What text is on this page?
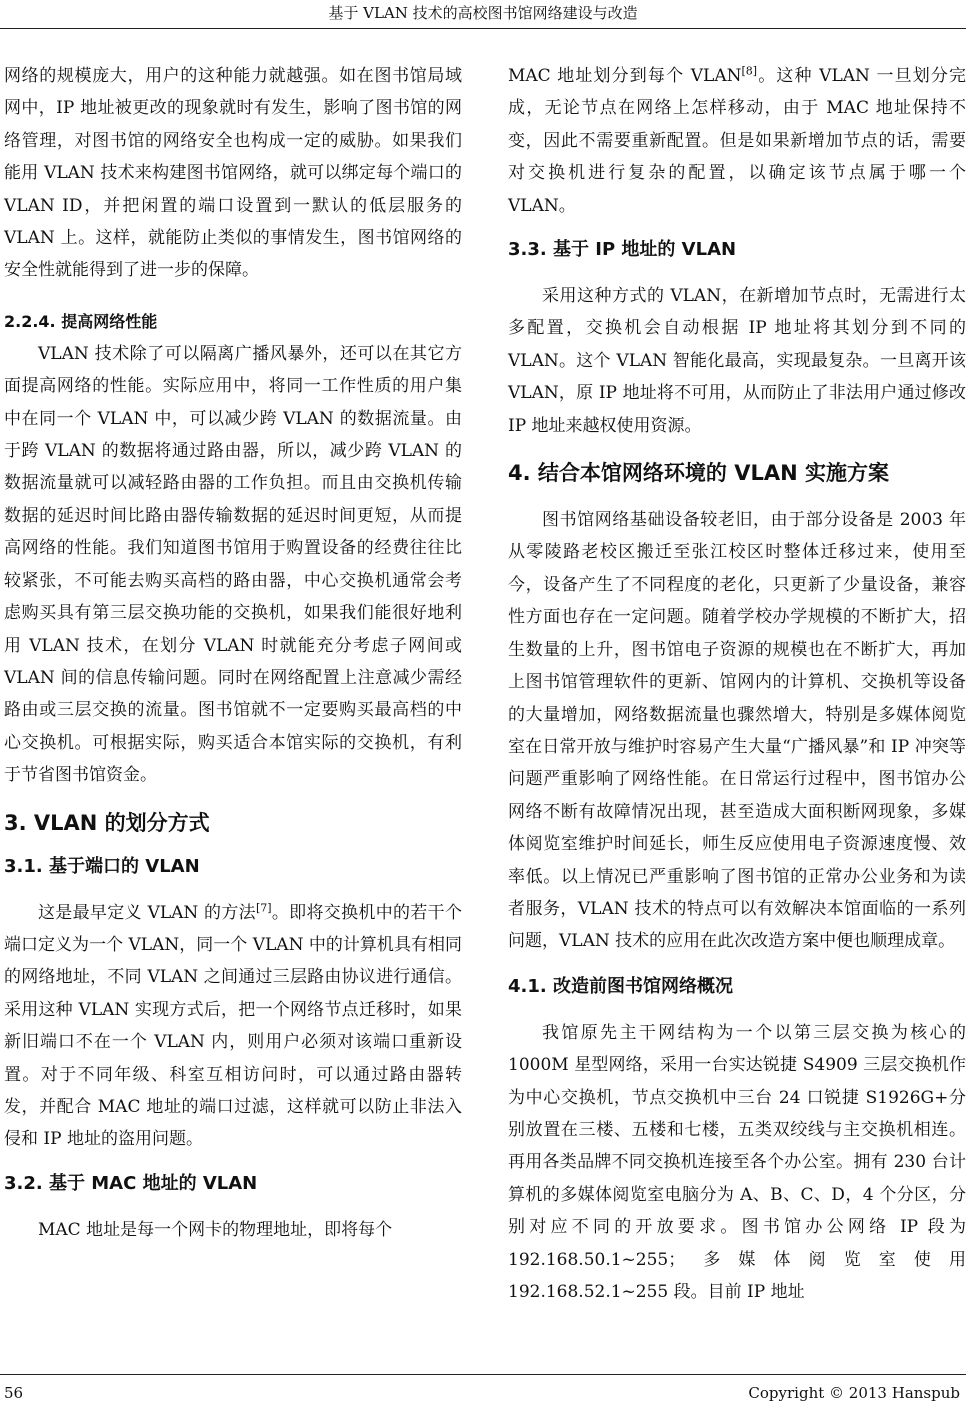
基于 VLAN 技术的高校图书馆网络建设与改造

网络的规模庞大，用户的这种能力就越强。如在图书馆局域网中，IP 地址被更改的现象就时有发生，影响了图书馆的网络管理，对图书馆的网络安全也构成一定的威胁。如果我们能用 VLAN 技术来构建图书馆网络，就可以绑定每个端口的 VLAN ID，并把闲置的端口设置到一默认的低层服务的 VLAN 上。这样，就能防止类似的事情发生，图书馆网络的安全性就能得到了进一步的保障。

2.2.4. 提高网络性能

VLAN 技术除了可以隔离广播风暴外，还可以在其它方面提高网络的性能。实际应用中，将同一工作性质的用户集中在同一个 VLAN 中，可以减少跨 VLAN 的数据流量。由于跨 VLAN 的数据将通过路由器，所以，减少跨 VLAN 的数据流量就可以减轻路由器的工作负担。而且由交换机传输数据的延迟时间比路由器传输数据的延迟时间更短，从而提高网络的性能。我们知道图书馆用于购置设备的经费往往比较紧张，不可能去购买高档的路由器，中心交换机通常会考虑购买具有第三层交换功能的交换机，如果我们能很好地利用 VLAN 技术，在划分 VLAN 时就能充分考虑子网间或 VLAN 间的信息传输问题。同时在网络配置上注意减少需经路由或三层交换的流量。图书馆就不一定要购买最高档的中心交换机。可根据实际，购买适合本馆实际的交换机，有利于节省图书馆资金。

3. VLAN 的划分方式
3.1. 基于端口的 VLAN

这是最早定义 VLAN 的方法[7]。即将交换机中的若干个端口定义为一个 VLAN，同一个 VLAN 中的计算机具有相同的网络地址，不同 VLAN 之间通过三层路由协议进行通信。采用这种 VLAN 实现方式后，把一个网络节点迁移时，如果新旧端口不在一个 VLAN 内，则用户必须对该端口重新设置。对于不同年级、科室互相访问时，可以通过路由器转发，并配合 MAC 地址的端口过滤，这样就可以防止非法入侵和 IP 地址的盗用问题。

3.2. 基于 MAC 地址的 VLAN

MAC 地址是每一个网卡的物理地址，即将每个

MAC 地址划分到每个 VLAN[8]。这种 VLAN 一旦划分完成，无论节点在网络上怎样移动，由于 MAC 地址保持不变，因此不需要重新配置。但是如果新增加节点的话，需要对交换机进行复杂的配置，以确定该节点属于哪一个 VLAN。

3.3. 基于 IP 地址的 VLAN

采用这种方式的 VLAN，在新增加节点时，无需进行太多配置，交换机会自动根据 IP 地址将其划分到不同的 VLAN。这个 VLAN 智能化最高，实现最复杂。一旦离开该 VLAN，原 IP 地址将不可用，从而防止了非法用户通过修改 IP 地址来越权使用资源。

4. 结合本馆网络环境的 VLAN 实施方案

图书馆网络基础设备较老旧，由于部分设备是 2003 年从零陵路老校区搬迁至张江校区时整体迁移过来，使用至今，设备产生了不同程度的老化，只更新了少量设备，兼容性方面也存在一定问题。随着学校办学规模的不断扩大，招生数量的上升，图书馆电子资源的规模也在不断扩大，再加上图书馆管理软件的更新、馆网内的计算机、交换机等设备的大量增加，网络数据流量也骤然增大，特别是多媒体阅览室在日常开放与维护时容易产生大量“广播风暴”和 IP 冲突等问题严重影响了网络性能。在日常运行过程中，图书馆办公网络不断有故障情况出现，甚至造成大面积断网现象，多媒体阅览室维护时间延长，师生反应使用电子资源速度慢、效率低。以上情况已严重影响了图书馆的正常办公业务和为读者服务，VLAN 技术的特点可以有效解决本馆面临的一系列问题，VLAN 技术的应用在此次改造方案中便也顺理成章。

4.1. 改造前图书馆网络概况

我馆原先主干网结构为一个以第三层交换为核心的 1000M 星型网络，采用一台实达锐捷 S4909 三层交换机作为中心交换机，节点交换机中三台 24 口锐捷 S1926G+分别放置在三楼、五楼和七楼，五类双绞线与主交换机相连。再用各类品牌不同交换机连接至各个办公室。拥有 230 台计算机的多媒体阅览室电脑分为 A、B、C、D，4 个分区，分别对应不同的开放要求。图书馆办公网络 IP 段为 192.168.50.1~255；多媒体阅览室使用 192.168.52.1~255 段。目前 IP 地址

56	Copyright © 2013 Hanspub
